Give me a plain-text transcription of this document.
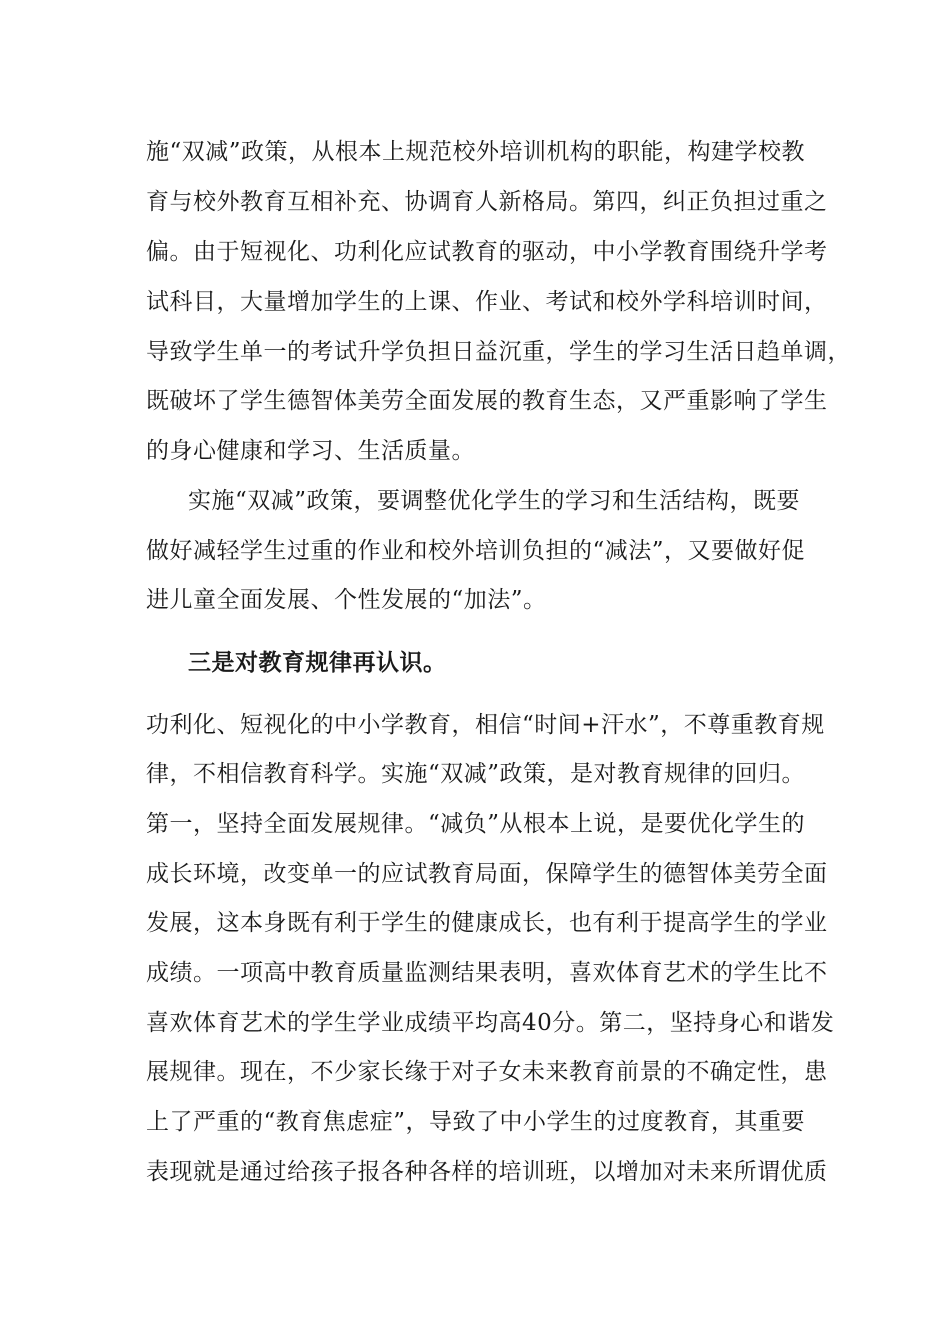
施“双减”政策，从根本上规范校外培训机构的职能，构建学校教

育与校外教育互相补充、协调育人新格局。第四，纠正负担过重之

偏。由于短视化、功利化应试教育的驱动，中小学教育围绕升学考

试科目，大量增加学生的上课、作业、考试和校外学科培训时间，

导致学生单一的考试升学负担日益沉重，学生的学习生活日趋单调，

既破坏了学生德智体美劳全面发展的教育生态，又严重影响了学生

的身心健康和学习、生活质量。

实施“双减”政策，要调整优化学生的学习和生活结构，既要

做好减轻学生过重的作业和校外培训负担的“减法”，又要做好促

进儿童全面发展、个性发展的“加法”。

三是对教育规律再认识。

功利化、短视化的中小学教育，相信“时间+汗水”，不尊重教育规

律，不相信教育科学。实施“双减”政策，是对教育规律的回归。

第一，坚持全面发展规律。“减负”从根本上说，是要优化学生的

成长环境，改变单一的应试教育局面，保障学生的德智体美劳全面

发展，这本身既有利于学生的健康成长，也有利于提高学生的学业

成绩。一项高中教育质量监测结果表明，喜欢体育艺术的学生比不

喜欢体育艺术的学生学业成绩平均高40分。第二，坚持身心和谐发

展规律。现在，不少家长缘于对子女未来教育前景的不确定性，患

上了严重的“教育焦虑症”，导致了中小学生的过度教育，其重要

表现就是通过给孩子报各种各样的培训班，以增加对未来所谓优质
